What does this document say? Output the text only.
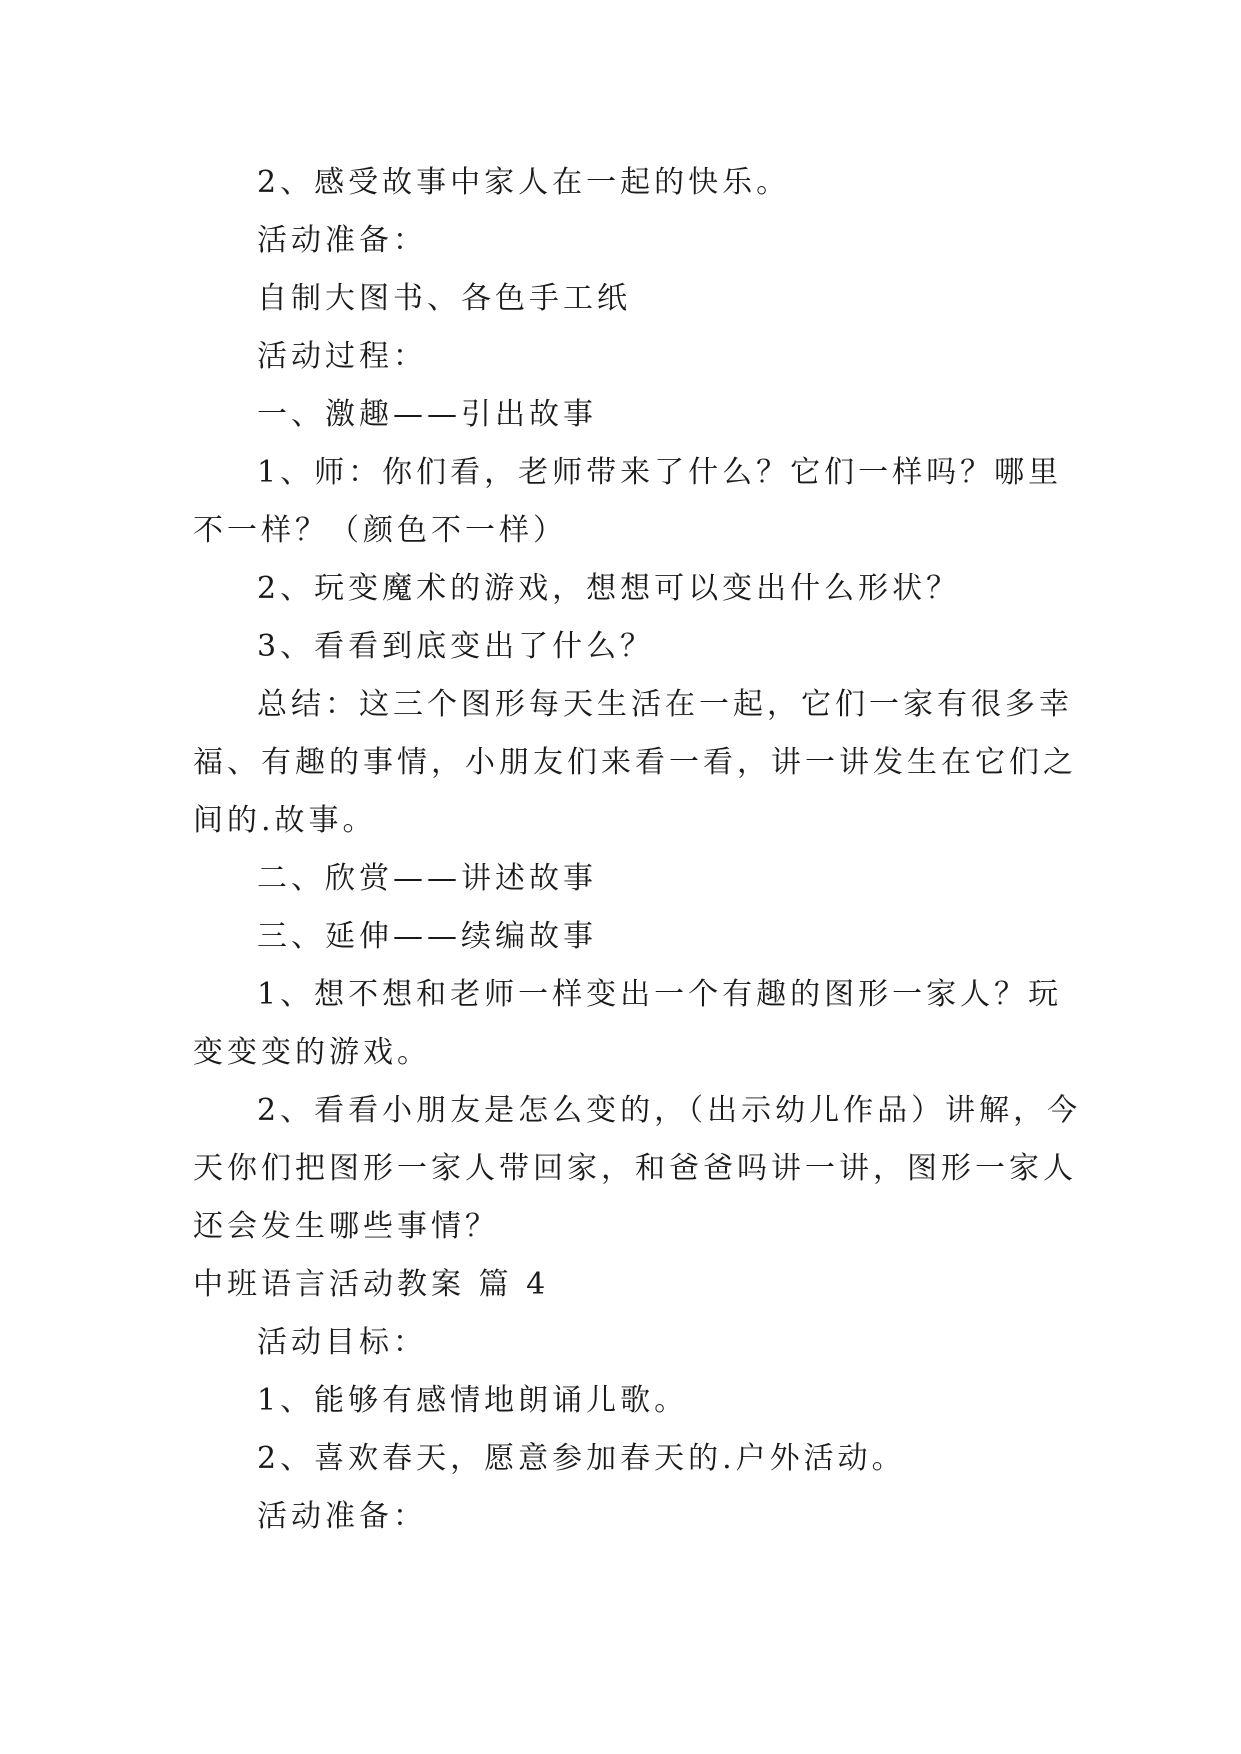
2、感受故事中家人在一起的快乐。
活动准备：
自制大图书、各色手工纸
活动过程：
一、激趣——引出故事
1、师：你们看，老师带来了什么？它们一样吗？哪里
不一样？（颜色不一样）
2、玩变魔术的游戏，想想可以变出什么形状？
3、看看到底变出了什么？
总结：这三个图形每天生活在一起，它们一家有很多幸
福、有趣的事情，小朋友们来看一看，讲一讲发生在它们之
间的.故事。
二、欣赏——讲述故事
三、延伸——续编故事
1、想不想和老师一样变出一个有趣的图形一家人？玩
变变变的游戏。
2、看看小朋友是怎么变的，（出示幼儿作品）讲解，今
天你们把图形一家人带回家，和爸爸吗讲一讲，图形一家人
还会发生哪些事情？
中班语言活动教案 篇 4
活动目标：
1、能够有感情地朗诵儿歌。
2、喜欢春天，愿意参加春天的.户外活动。
活动准备：
